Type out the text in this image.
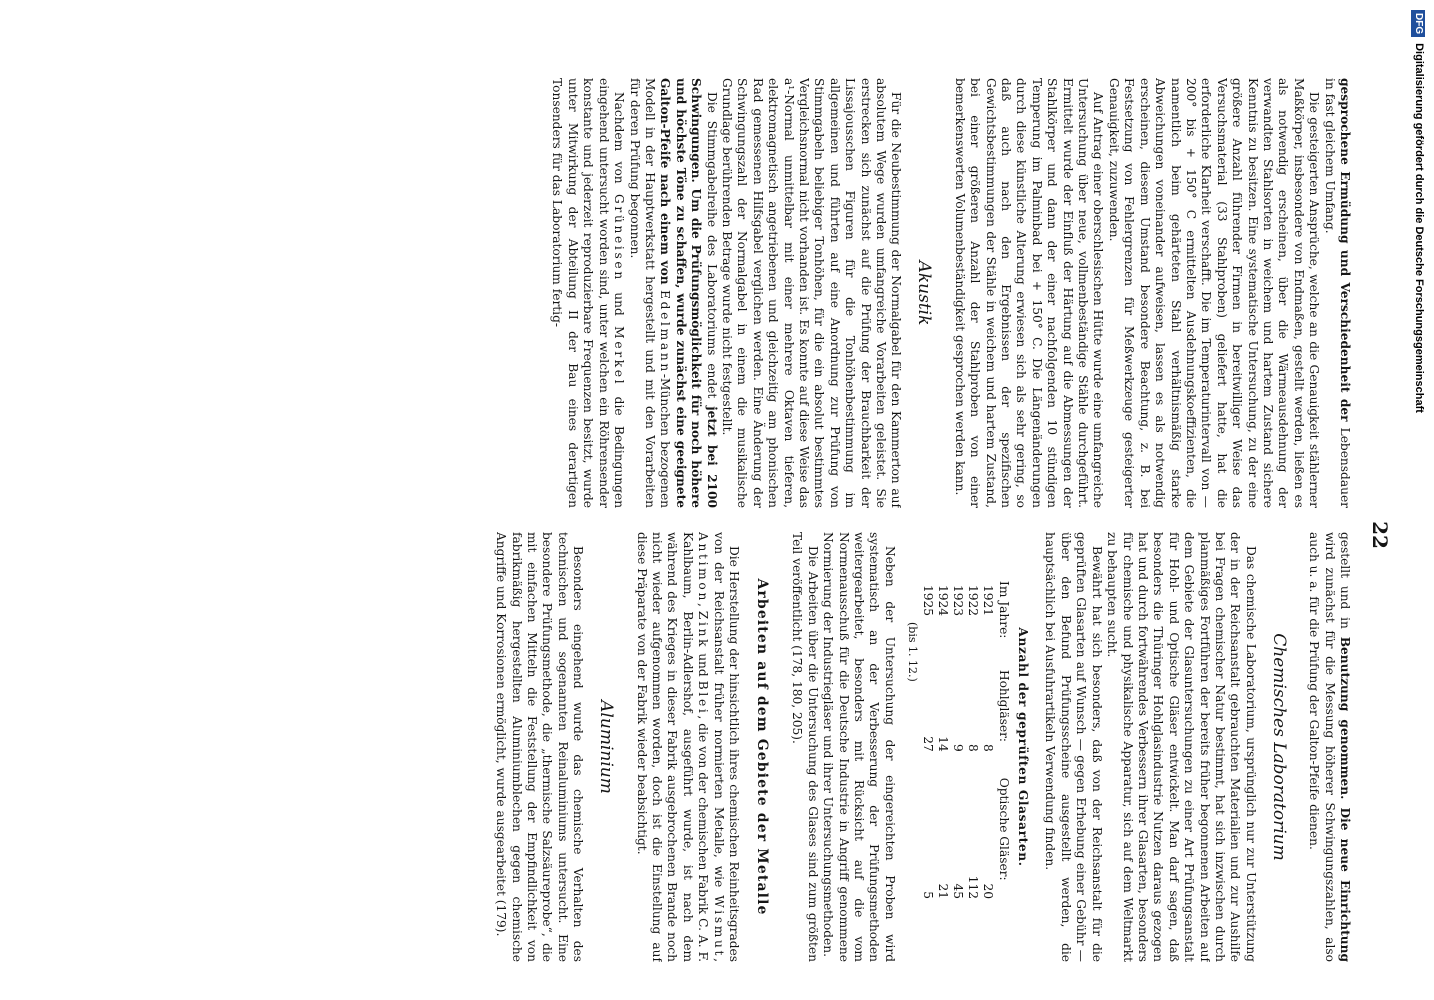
22

gesprochene Ermüdung und Verschiedenheit der Lebensdauer in fast gleichem Umfang.

Die gesteigerten Ansprüche, welche an die Genauigkeit stählerner Maßkörper, insbesondere von Endmaßen, gestellt werden, ließen es als notwendig erscheinen, über die Wärmeausdehnung der verwandten Stahlsorten in weichem und hartem Zustand sichere Kenntnis zu besitzen. Eine systematische Untersuchung, zu der eine größere Anzahl führender Firmen in bereitwilliger Weise das Versuchsmaterial (33 Stahlproben) geliefert hatte, hat die erforderliche Klarheit verschafft. Die im Temperaturintervall von — 200° bis + 150° C ermittelten Ausdehnungskoeffizienten, die namentlich beim gehärteten Stahl verhältnismäßig starke Abweichungen voneinander aufweisen, lassen es als notwendig erscheinen, diesem Umstand besondere Beachtung, z. B. bei Festsetzung von Fehlergrenzen für Meßwerkzeuge gesteigerter Genauigkeit, zuzuwenden.

Auf Antrag einer oberschlesischen Hütte wurde eine umfangreiche Untersuchung über neue, vollmenbeständige Stähle durchgeführt. Ermittelt wurde der Einfluß der Härtung auf die Abmessungen der Stahlkörper und dann der einer nachfolgenden 10 stündigen Temperung im Palminbad bei + 150° C. Die Längenänderungen durch diese künstliche Alterung erwiesen sich als sehr gering, so daß auch nach den Ergebnissen der spezifischen Gewichtsbestimmungen der Stähle in weichem und hartem Zustand, bei einer größeren Anzahl der Stahlproben von einer bemerkenswerten Volumenbeständigkeit gesprochen werden kann.

Akustik

Für die Neubestimmung der Normalgabel für den Kammerton auf absolutem Wege wurden umfangreiche Vorarbeiten geleistet. Sie erstrecken sich zunächst auf die Prüfung der Brauchbarkeit der Lissajousschen Figuren für die Tonhöhenbestimmung im allgemeinen und führten auf eine Anordnung zur Prüfung von Stimmgabeln beliebiger Tonhöhen, für die ein absolut bestimmtes Vergleichsnormal nicht vorhanden ist. Es konnte auf diese Weise das a¹-Normal unmittelbar mit einer mehrere Oktaven tieferen, elektromagnetisch angetriebenen und gleichzeitig am phonischen Rad gemessenen Hilfsgabel verglichen werden. Eine Änderung der Schwingungszahl der Normalgabel in einem die musikalische Grundlage berührenden Betrage wurde nicht festgestellt.

Die Stimmgabelreihe des Laboratoriums endet jetzt bei 2100 Schwingungen. Um die Prüfungsmöglichkeit für noch höhere und höchste Töne zu schaffen, wurde zunächst eine geeignete Galton-Pfeife nach einem von Edelmann-München bezogenen Modell in der Hauptwerkstatt hergestellt und mit den Vorarbeiten für deren Prüfung begonnen.

Nachdem von Grüneisen und Merkel die Bedingungen eingehend untersucht worden sind, unter welchen ein Röhrensender konstante und jederzeit reproduzierbare Frequenzen besitzt, wurde unter Mitwirkung der Abteilung II der Bau eines derartigen Tonsenders für das Laboratorium fertig-

gestellt und in Benutzung genommen. Die neue Einrichtung wird zunächst für die Messung höherer Schwingungszahlen, also auch u. a. für die Prüfung der Galton-Pfeife dienen.

Chemisches Laboratorium

Das chemische Laboratorium, ursprünglich nur zur Unterstützung der in der Reichsanstalt gebrauchten Materialien und zur Aushilfe bei Fragen chemischer Natur bestimmt, hat sich inzwischen durch planmäßiges Fortführen der bereits früher begonnenen Arbeiten auf dem Gebiete der Glasuntersuchungen zu einer Art Prüfungsanstalt für Hohl- und Optische Gläser entwickelt. Man darf sagen, daß besonders die Thüringer Hohlglasindustrie Nutzen daraus gezogen hat und durch fortwährendes Verbessern ihrer Glasarten, besonders für chemische und physikalische Apparatur, sich auf dem Weltmarkt zu behaupten sucht.

Bewährt hat sich besonders, daß von der Reichsanstalt für die geprüften Glasarten auf Wunsch — gegen Erhebung einer Gebühr — über den Befund Prüfungsscheine ausgestellt werden, die hauptsächlich bei Ausfuhrartikeln Verwendung finden.

Anzahl der geprüften Glasarten.
Im Jahre:	Hohlgläser:	Optische Gläser:
1921	8	20
1922	8	112
1923	9	45
1924	14	21
1925	27	5
(bis 1. 12.)

Neben der Untersuchung der eingereichten Proben wird systematisch an der Verbesserung der Prüfungsmethoden weitergearbeitet, besonders mit Rücksicht auf die vom Normenausschuß für die Deutsche Industrie in Angriff genommene Normierung der Industriegläser und ihrer Untersuchungsmethoden.

Die Arbeiten über die Untersuchung des Glases sind zum größten Teil veröffentlicht (178, 180, 205).

Arbeiten auf dem Gebiete der Metalle

Die Herstellung der hinsichtlich ihres chemischen Reinheitsgrades von der Reichsanstalt früher normierten Metalle, wie Wismut, Antimon, Zink und Blei, die von der chemischen Fabrik C. A. F. Kahlbaum, Berlin-Adlershof, ausgeführt wurde, ist nach dem während des Krieges in dieser Fabrik ausgebrochenen Brande noch nicht wieder aufgenommen worden, doch ist die Einstellung auf diese Präparate von der Fabrik wieder beabsichtigt.

Aluminium

Besonders eingehend wurde das chemische Verhalten des technischen und sogenannten Reinaluminiums untersucht. Eine besondere Prüfungsmethode, die „thermische Salzsäureprobe“, die mit einfachen Mitteln die Feststellung der Empfindlichkeit von fabrikmäßig hergestellten Aluminiumblechen gegen chemische Angriffe und Korrosionen ermöglicht, wurde ausgearbeitet (179).

DFGDigitalisierung gefördert durch die Deutsche Forschungsgemeinschaft
